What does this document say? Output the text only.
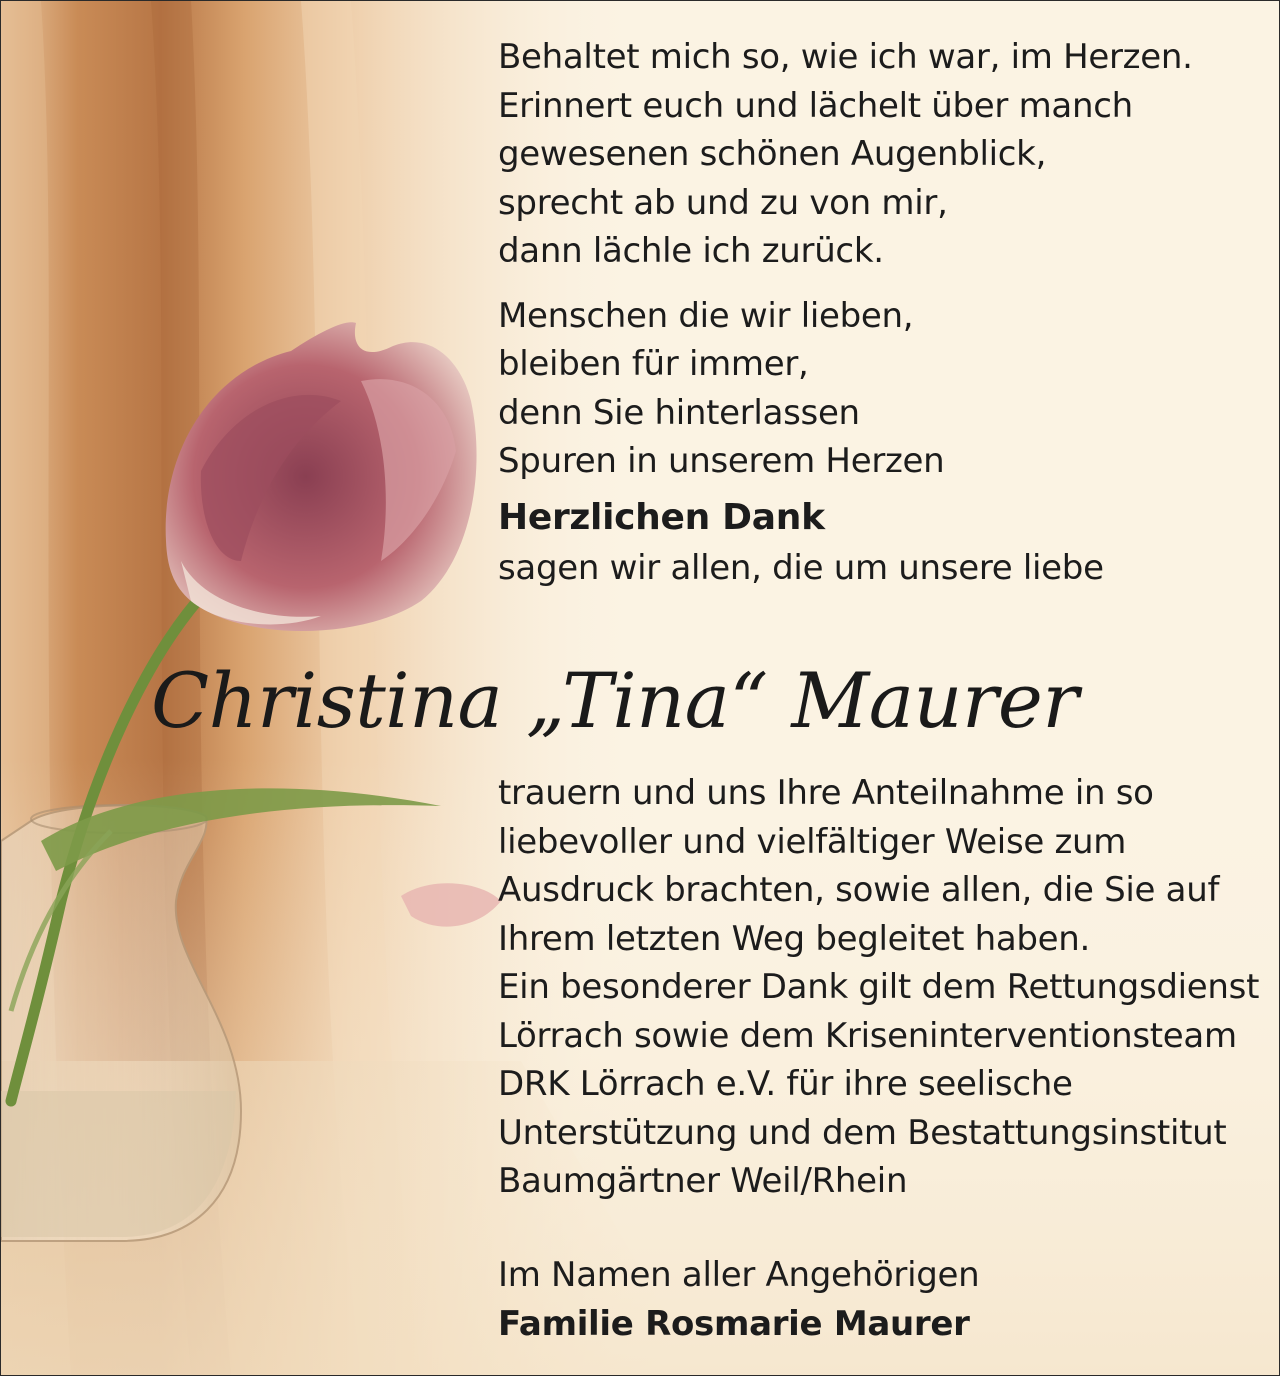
Behaltet mich so, wie ich war, im Herzen.
Erinnert euch und lächelt über manch
gewesenen schönen Augenblick,
sprecht ab und zu von mir,
dann lächle ich zurück.

Menschen die wir lieben,
bleiben für immer,
denn Sie hinterlassen
Spuren in unserem Herzen

Herzlichen Dank

sagen wir allen, die um unsere liebe

Christina „Tina“ Maurer
trauern und uns Ihre Anteilnahme in so
liebevoller und vielfältiger Weise zum
Ausdruck brachten, sowie allen, die Sie auf
Ihrem letzten Weg begleitet haben.
Ein besonderer Dank gilt dem Rettungsdienst
Lörrach sowie dem Kriseninterventionsteam
DRK Lörrach e.V. für ihre seelische
Unterstützung und dem Bestattungsinstitut
Baumgärtner Weil/Rhein
Im Namen aller Angehörigen
Familie Rosmarie Maurer
